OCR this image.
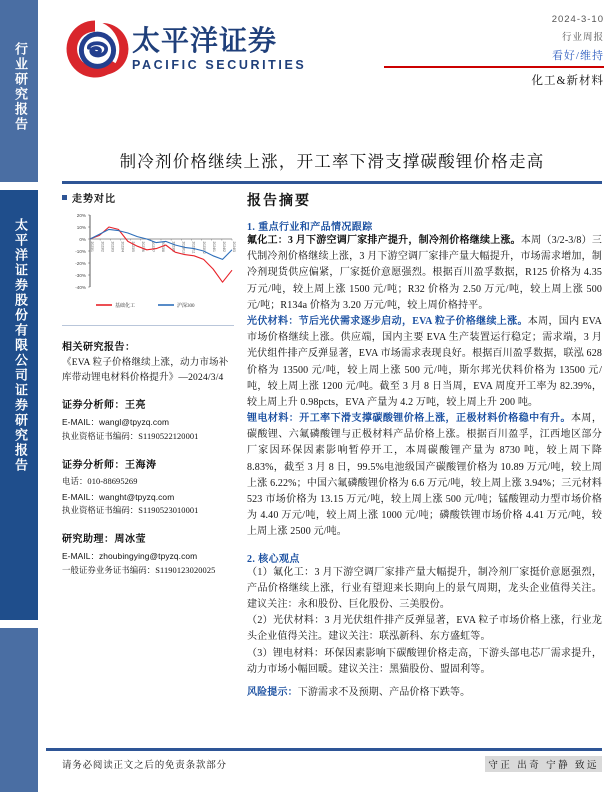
行业研究报告
太平洋证券股份有限公司证券研究报告
太平洋证券
PACIFIC SECURITIES
2024-3-10
行业周报
看好/维持
化工&新材料
制冷剂价格继续上涨，开工率下滑支撑碳酸锂价格走高
走势对比
20%
10%
0%
-10%
-20%
-30%
-40%
2023/1 2023/2 2023/3 2023/4 2023/5 2023/6 2023/7 2023/8 2023/9 2023/10 2023/11 2023/12 2024/1 2024/2 2024/3
基础化工	沪深300
相关研究报告：
《EVA 粒子价格继续上涨，动力市场补库带动锂电材料价格提升》—2024/3/4
证券分析师：王亮
E-MAIL：wangl@tpyzq.com
执业资格证书编码：S1190522120001
证券分析师：王海涛
电话：010-88695269
E-MAIL：wanght@tpyzq.com
执业资格证书编码：S1190523010001
研究助理：周冰莹
E-MAIL：zhoubingying@tpyzq.com
一般证券业务证书编码：S1190123020025
报告摘要
1. 重点行业和产品情况跟踪

氟化工：3 月下游空调厂家排产提升，制冷剂价格继续上涨。本周（3/2-3/8）三代制冷剂价格继续上涨，3 月下游空调厂家排产量大幅提升，市场需求增加，制冷剂现货供应偏紧，厂家挺价意愿强烈。根据百川盈孚数据，R125 价格为 4.35 万元/吨，较上周上涨 1500 元/吨；R32 价格为 2.50 万元/吨，较上周上涨 500 元/吨；R134a 价格为 3.20 万元/吨，较上周价格持平。

光伏材料：节后光伏需求逐步启动，EVA 粒子价格继续上涨。本周，国内 EVA 市场价格继续上涨。供应端，国内主要 EVA 生产装置运行稳定；需求端，3 月光伏组件排产反弹显著，EVA 市场需求表现良好。根据百川盈孚数据，联泓 628 价格为 13500 元/吨，较上周上涨 500 元/吨，斯尔邦光伏料价格为 13500 元/吨，较上周上涨 1200 元/吨。截至 3 月 8 日当周，EVA 周度开工率为 82.39%，较上周上升 0.98pcts，EVA 产量为 4.2 万吨，较上周上升 200 吨。

锂电材料：开工率下滑支撑碳酸锂价格上涨，正极材料价格稳中有升。本周，碳酸锂、六氟磷酸锂与正极材料产品价格上涨。根据百川盈孚，江西地区部分厂家因环保因素影响暂停开工，本周碳酸锂产量为 8730 吨，较上周下降 8.83%，截至 3 月 8 日，99.5%电池级国产碳酸锂价格为 10.89 万元/吨，较上周上涨 6.22%；中国六氟磷酸锂价格为 6.6 万元/吨，较上周上涨 3.94%；三元材料 523 市场价格为 13.15 万元/吨，较上周上涨 500 元/吨；锰酸锂动力型市场价格为 4.40 万元/吨，较上周上涨 1000 元/吨；磷酸铁锂市场价格 4.41 万元/吨，较上周上涨 2500 元/吨。

2. 核心观点

（1）氟化工：3 月下游空调厂家排产量大幅提升，制冷剂厂家挺价意愿强烈，产品价格继续上涨，行业有望迎来长期向上的景气周期，龙头企业值得关注。建议关注：永和股份、巨化股份、三美股份。

（2）光伏材料：3 月光伏组件排产反弹显著，EVA 粒子市场价格上涨，行业龙头企业值得关注。建议关注：联泓新科、东方盛虹等。

（3）锂电材料：环保因素影响下碳酸锂价格走高，下游头部电芯厂需求提升，动力市场小幅回暖。建议关注：黑猫股份、盟固利等。

风险提示：下游需求不及预期、产品价格下跌等。

请务必阅读正文之后的免责条款部分	守正 出奇 宁静 致远
